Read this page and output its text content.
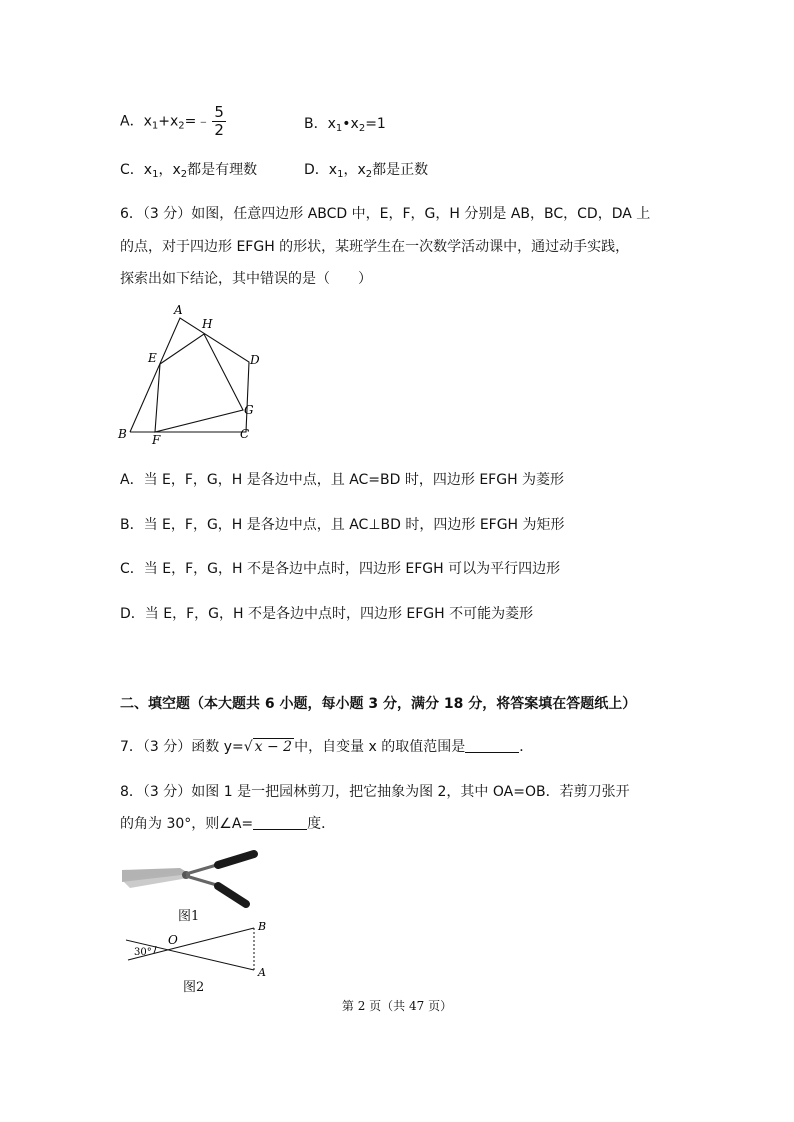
A．$x_1+x_2=﹣ \frac{5}{2}$	B．$x_1•x_2=1$
C．$x_1$，$x_2$都是有理数	D．$x_1$，$x_2$都是正数
6．（3 分）如图，任意四边形 ABCD 中，E，F，G，H 分别是 AB，BC，CD，DA 上
的点，对于四边形 EFGH 的形状，某班学生在一次数学活动课中，通过动手实践，
探索出如下结论，其中错误的是（　　）
A
H
E	D
G
B F	C
A．当 E，F，G，H 是各边中点，且 AC=BD 时，四边形 EFGH 为菱形
B．当 E，F，G，H 是各边中点，且 AC⊥BD 时，四边形 EFGH 为矩形
C．当 E，F，G，H 不是各边中点时，四边形 EFGH 可以为平行四边形
D．当 E，F，G，H 不是各边中点时，四边形 EFGH 不可能为菱形
二、填空题（本大题共 6 小题，每小题 3 分，满分 18 分，将答案填在答题纸上）
7．（3 分）函数 y=√ x − 2 中，自变量 x 的取值范围是	．
8．（3 分）如图 1 是一把园林剪刀，把它抽象为图 2，其中 OA=OB．若剪刀张开
的角为 30°，则∠A=	度．
图1
O
B
A
30°
图2
第 2 页（共 47 页）
